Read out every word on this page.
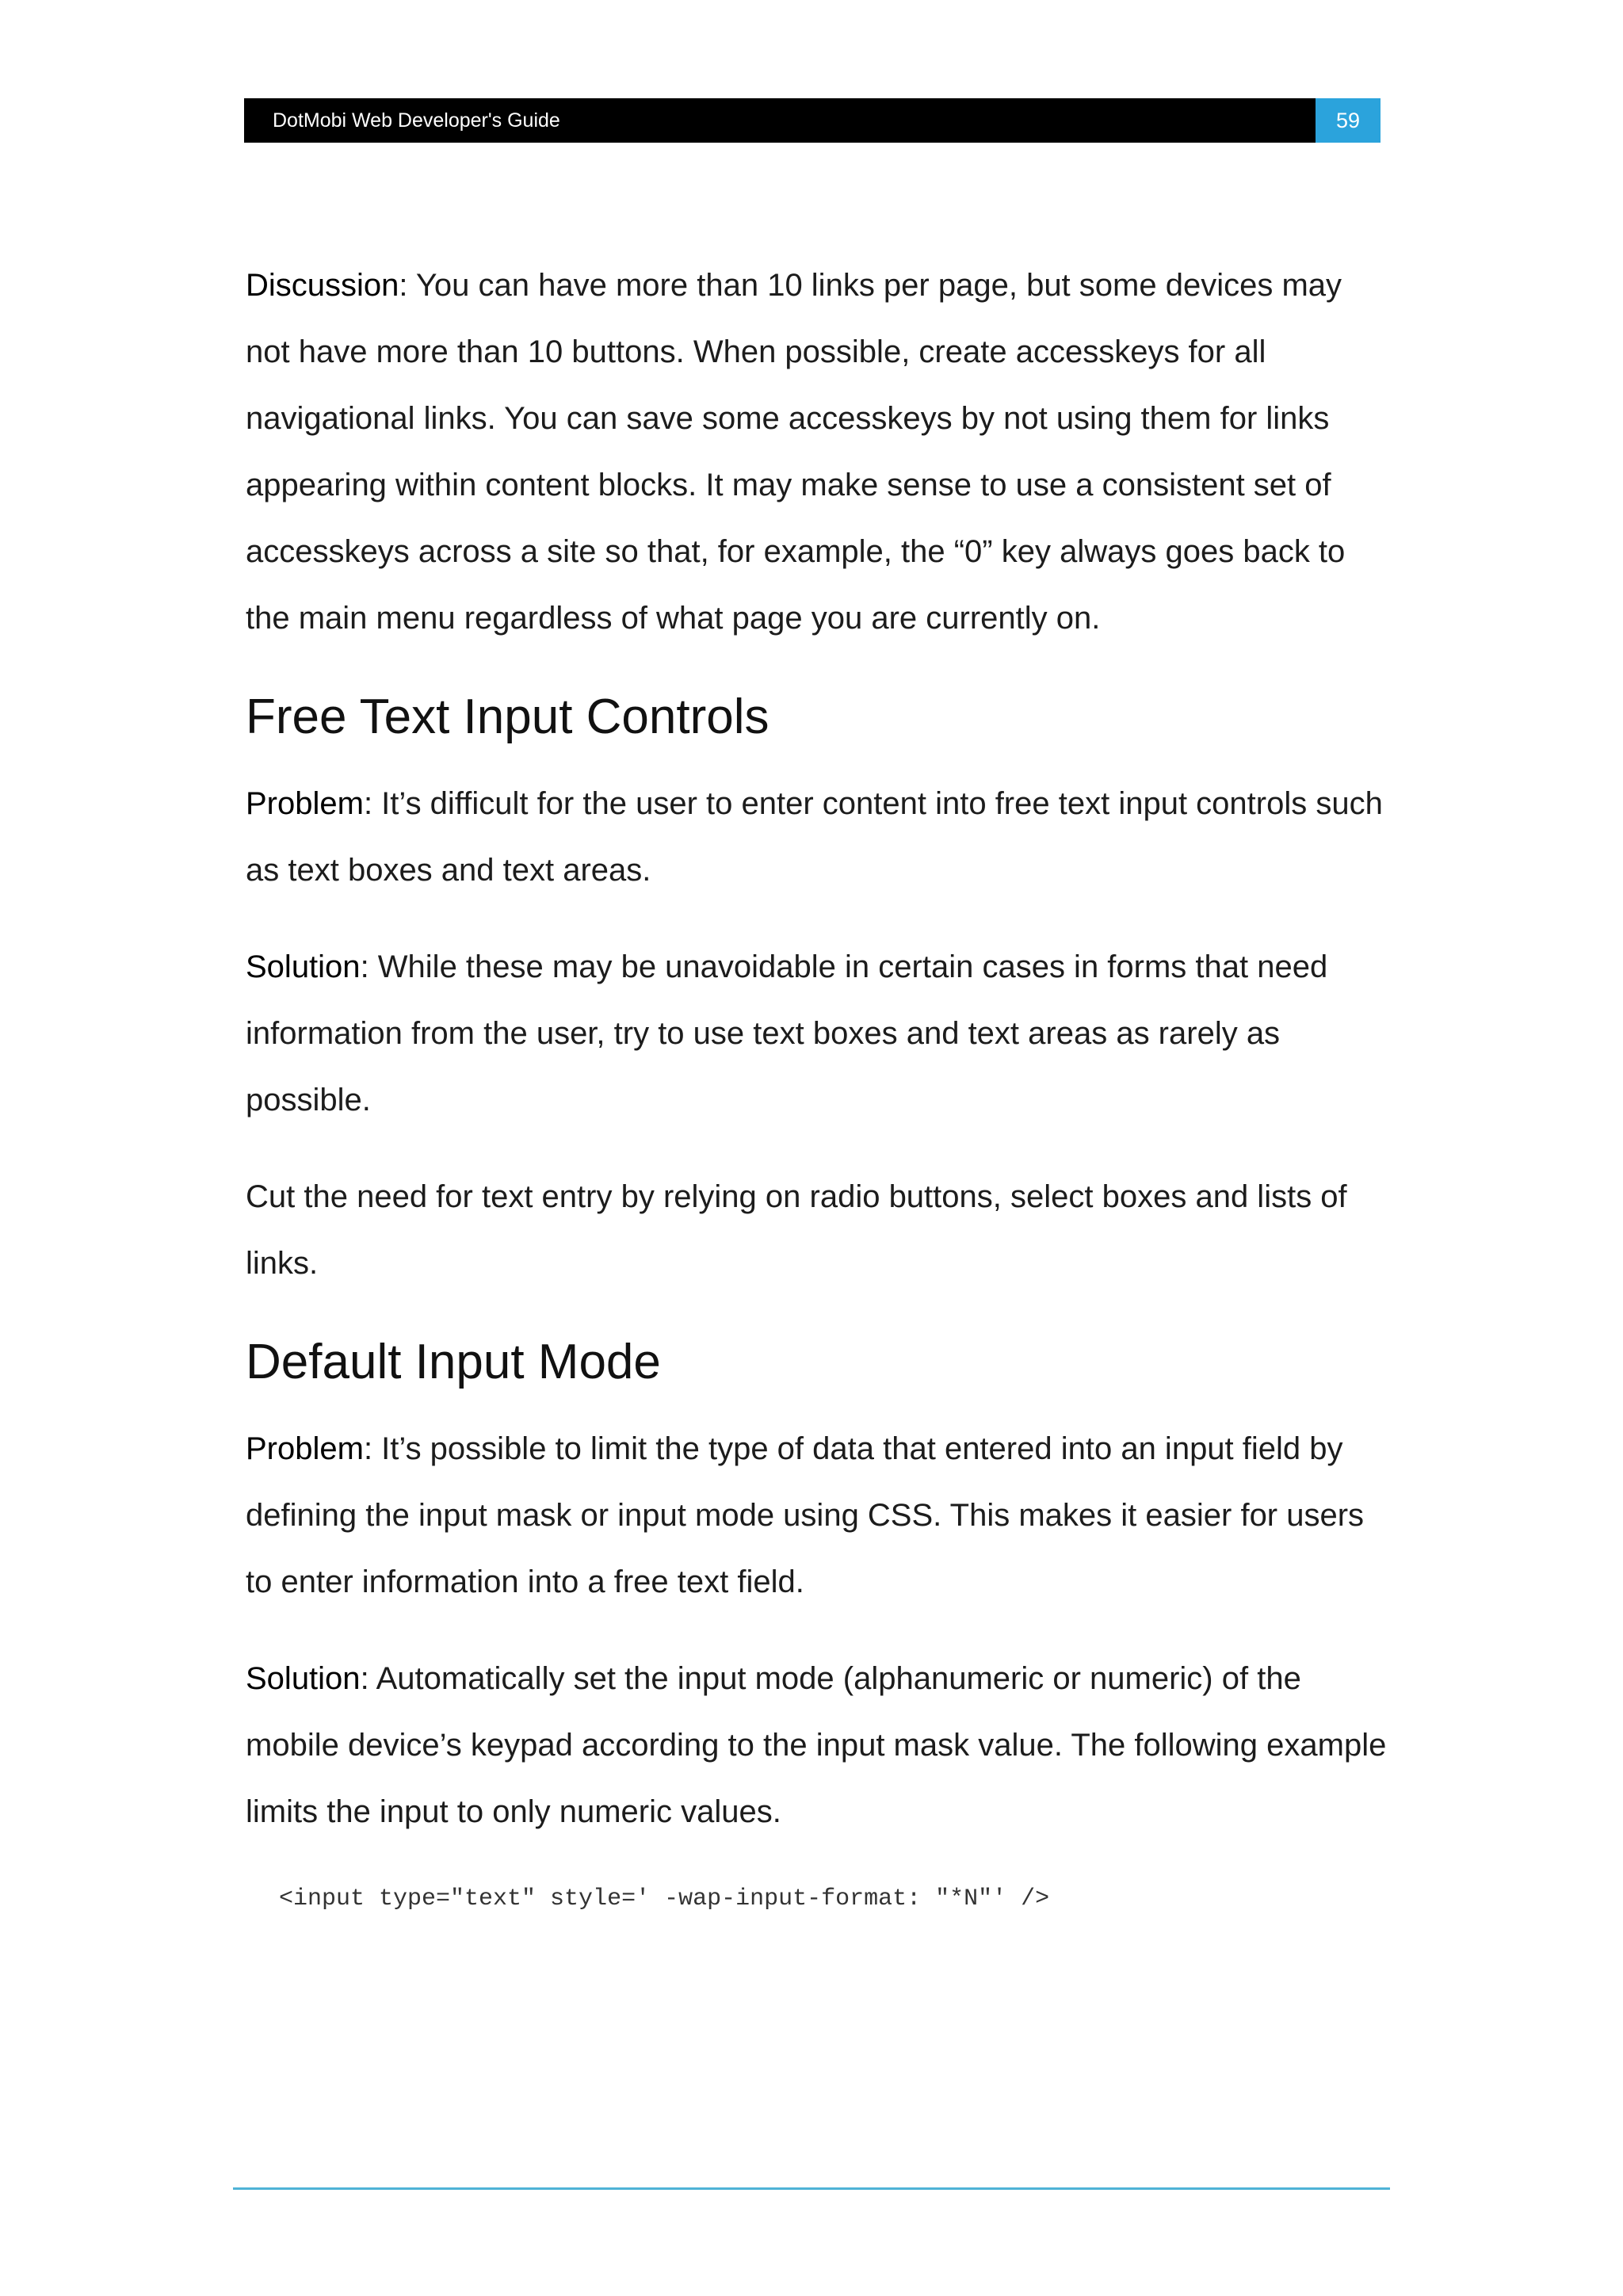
DotMobi Web Developer's Guide	59

Discussion: You can have more than 10 links per page, but some devices may not have more than 10 buttons. When possible, create accesskeys for all navigational links. You can save some accesskeys by not using them for links appearing within content blocks. It may make sense to use a consistent set of accesskeys across a site so that, for example, the “0” key always goes back to the main menu regardless of what page you are currently on.

Free Text Input Controls

Problem: It’s difficult for the user to enter content into free text input controls such as text boxes and text areas.

Solution: While these may be unavoidable in certain cases in forms that need information from the user, try to use text boxes and text areas as rarely as possible.

Cut the need for text entry by relying on radio buttons, select boxes and lists of links.

Default Input Mode

Problem: It’s possible to limit the type of data that entered into an input field by defining the input mask or input mode using CSS. This makes it easier for users to enter information into a free text field.

Solution: Automatically set the input mode (alphanumeric or numeric) of the mobile device’s keypad according to the input mask value. The following example limits the input to only numeric values.

<input type="text" style=' -wap-input-format: "*N"' />
